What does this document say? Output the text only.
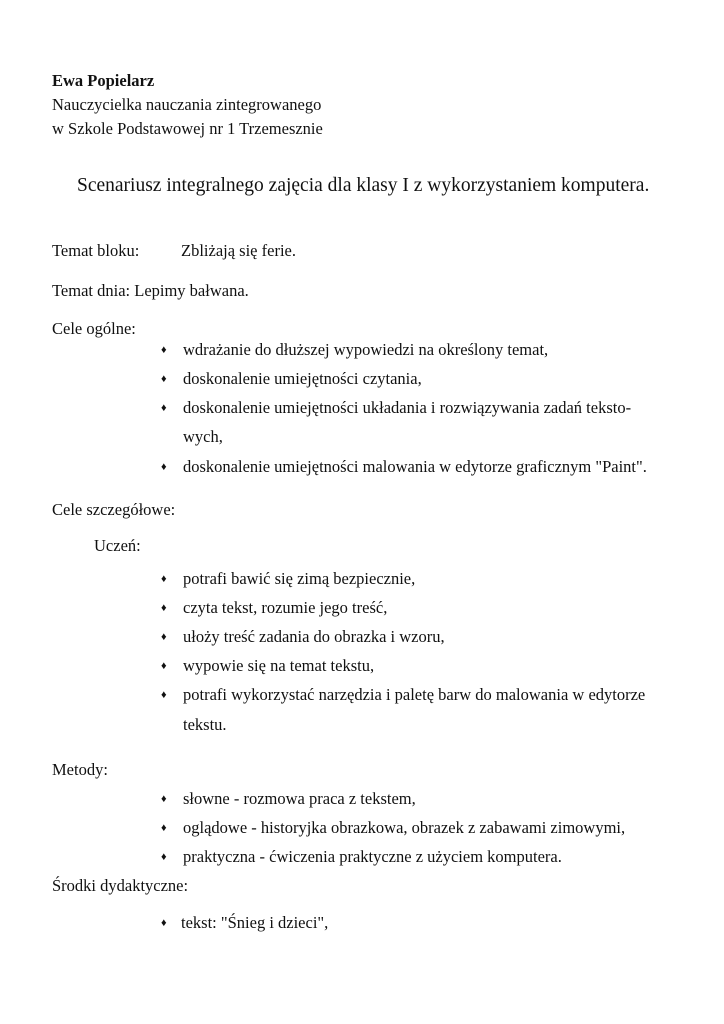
Ewa Popielarz
Nauczycielka nauczania zintegrowanego
w Szkole Podstawowej nr 1 Trzemesznie
Scenariusz integralnego zajęcia dla klasy I z wykorzystaniem komputera.
Temat bloku:	Zbliżają się ferie.
Temat dnia: Lepimy bałwana.
Cele ogólne:
♦ wdrażanie do dłuższej wypowiedzi na określony temat,
♦ doskonalenie umiejętności czytania,
♦ doskonalenie umiejętności układania i rozwiązywania zadań teksto-
wych,
♦ doskonalenie umiejętności malowania w edytorze graficznym "Paint".
Cele szczegółowe:
Uczeń:
♦ potrafi bawić się zimą bezpiecznie,
♦ czyta tekst, rozumie jego treść,
♦ ułoży treść zadania do obrazka i wzoru,
♦ wypowie się na temat tekstu,
♦ potrafi wykorzystać narzędzia i paletę barw do malowania w edytorze
tekstu.
Metody:
♦ słowne - rozmowa praca z tekstem,
♦ oglądowe - historyjka obrazkowa, obrazek z zabawami zimowymi,
♦ praktyczna - ćwiczenia praktyczne z użyciem komputera.
Środki dydaktyczne:
♦ tekst: "Śnieg i dzieci",
